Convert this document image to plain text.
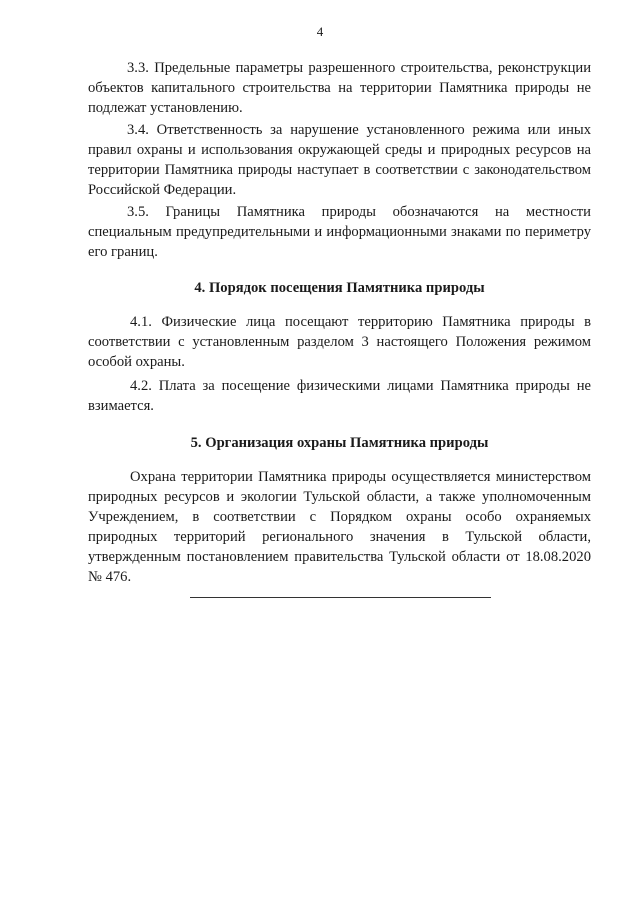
4

3.3. Предельные параметры разрешенного строительства, реконструкции объектов капитального строительства на территории Памятника природы не подлежат установлению.

3.4. Ответственность за нарушение установленного режима или иных правил охраны и использования окружающей среды и природных ресурсов на территории Памятника природы наступает в соответствии с законодательством Российской Федерации.

3.5. Границы Памятника природы обозначаются на местности специальным предупредительными и информационными знаками по периметру его границ.

4. Порядок посещения Памятника природы

4.1. Физические лица посещают территорию Памятника природы в соответствии с установленным разделом 3 настоящего Положения режимом особой охраны.

4.2. Плата за посещение физическими лицами Памятника природы не взимается.

5. Организация охраны Памятника природы

Охрана территории Памятника природы осуществляется министерством природных ресурсов и экологии Тульской области, а также уполномоченным Учреждением, в соответствии с Порядком охраны особо охраняемых природных территорий регионального значения в Тульской области, утвержденным постановлением правительства Тульской области от 18.08.2020 № 476.
